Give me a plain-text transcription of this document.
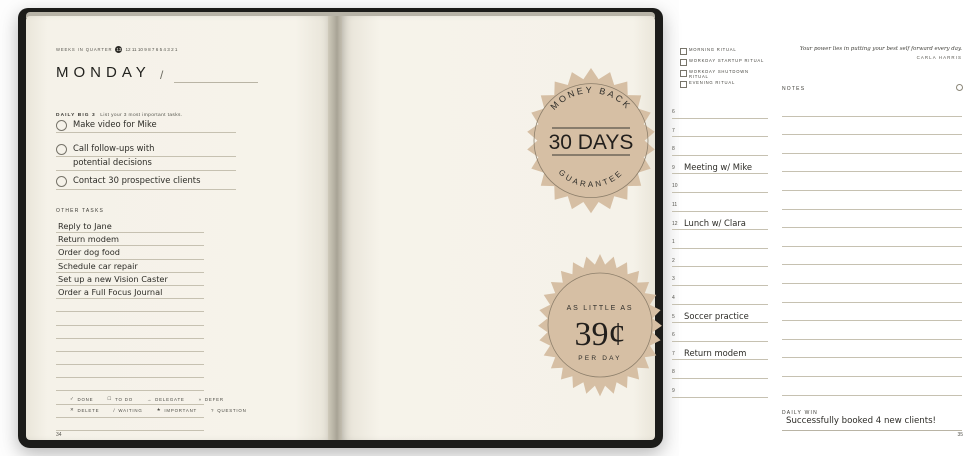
WEEKS IN QUARTER 13 12 11 10 9 8 7 6 5 4 3 2 1
MONDAY /
DAILY BIG 3 List your 3 most important tasks.
Make video for Mike
Call follow-ups with
potential decisions
Contact 30 prospective clients
OTHER TASKS
Reply to Jane
Return modem
Order dog food
Schedule car repair
Set up a new Vision Caster
Order a Full Focus Journal
✓ DONE	☐ TO DO	→ DELEGATE	» DEFER
✕ DELETE	/ WAITING	★ IMPORTANT	? QUESTION
34
MORNING RITUAL
WORKDAY STARTUP RITUAL
WORKDAY SHUTDOWN RITUAL
EVENING RITUAL
Your power lies in putting your best self forward every day.
CARLA HARRIS
6
7
8
9 Meeting w/ Mike
10
11
12 Lunch w/ Clara
1
2
3
4
5 Soccer practice
6
7 Return modem
8
9
NOTES
DAILY WIN
Successfully booked 4 new clients!
35
MONEY BACK
GUARANTEE
30 DAYS
AS LITTLE AS
39¢
PER DAY
